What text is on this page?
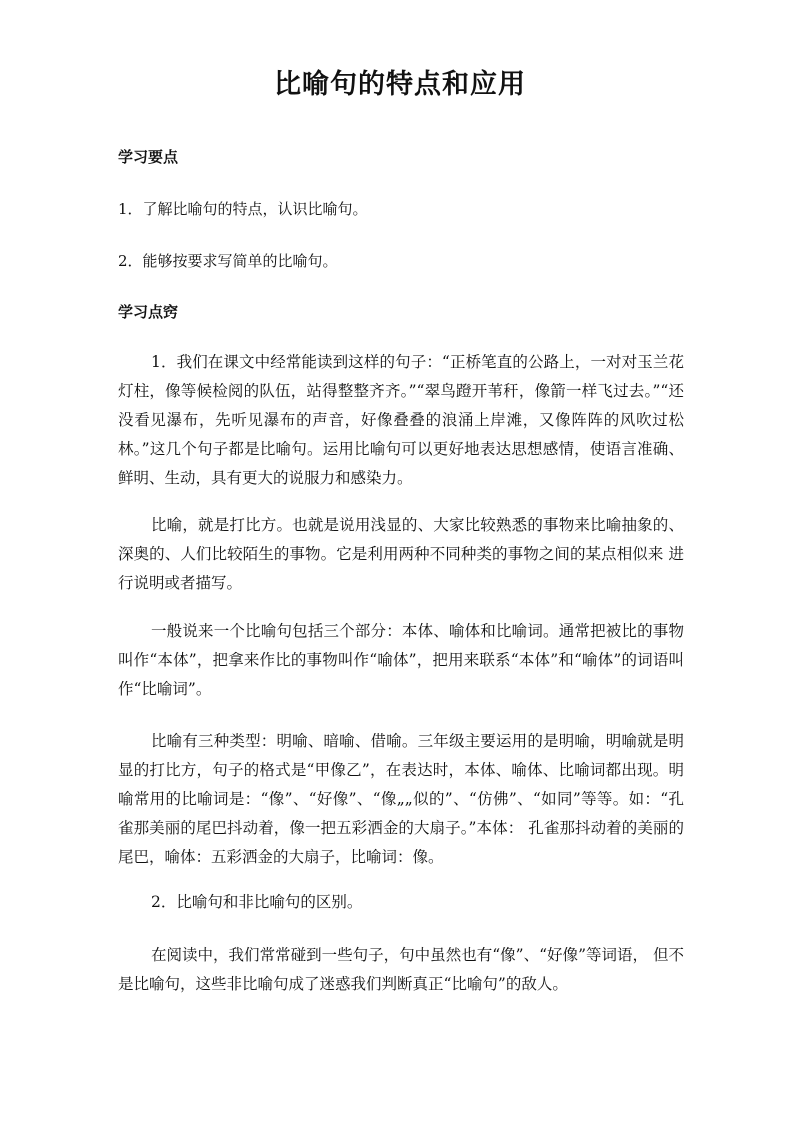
比喻句的特点和应用
学习要点
1．了解比喻句的特点，认识比喻句。
2．能够按要求写简单的比喻句。
学习点窍
1．我们在课文中经常能读到这样的句子：“正桥笔直的公路上，一对对玉兰花灯柱，像等候检阅的队伍，站得整整齐齐。”“翠鸟蹬开苇秆，像箭一样飞过去。”“还没看见瀑布，先听见瀑布的声音，好像叠叠的浪涌上岸滩，又像阵阵的风吹过松林。”这几个句子都是比喻句。运用比喻句可以更好地表达思想感情，使语言准确、鲜明、生动，具有更大的说服力和感染力。
比喻，就是打比方。也就是说用浅显的、大家比较熟悉的事物来比喻抽象的、 深奥的、人们比较陌生的事物。它是利用两种不同种类的事物之间的某点相似来 进行说明或者描写。
一般说来一个比喻句包括三个部分：本体、喻体和比喻词。通常把被比的事物叫作“本体”，把拿来作比的事物叫作“喻体”，把用来联系“本体”和“喻体”的词语叫作“比喻词”。
比喻有三种类型：明喻、暗喻、借喻。三年级主要运用的是明喻，明喻就是明显的打比方，句子的格式是“甲像乙”，在表达时，本体、喻体、比喻词都出现。明喻常用的比喻词是：“像”、“好像”、“像„„似的”、“仿佛”、“如同”等等。如：“孔雀那美丽的尾巴抖动着，像一把五彩洒金的大扇子。”本体： 孔雀那抖动着的美丽的尾巴，喻体：五彩洒金的大扇子，比喻词：像。
2．比喻句和非比喻句的区别。
在阅读中，我们常常碰到一些句子，句中虽然也有“像”、“好像”等词语， 但不是比喻句，这些非比喻句成了迷惑我们判断真正“比喻句”的敌人。
